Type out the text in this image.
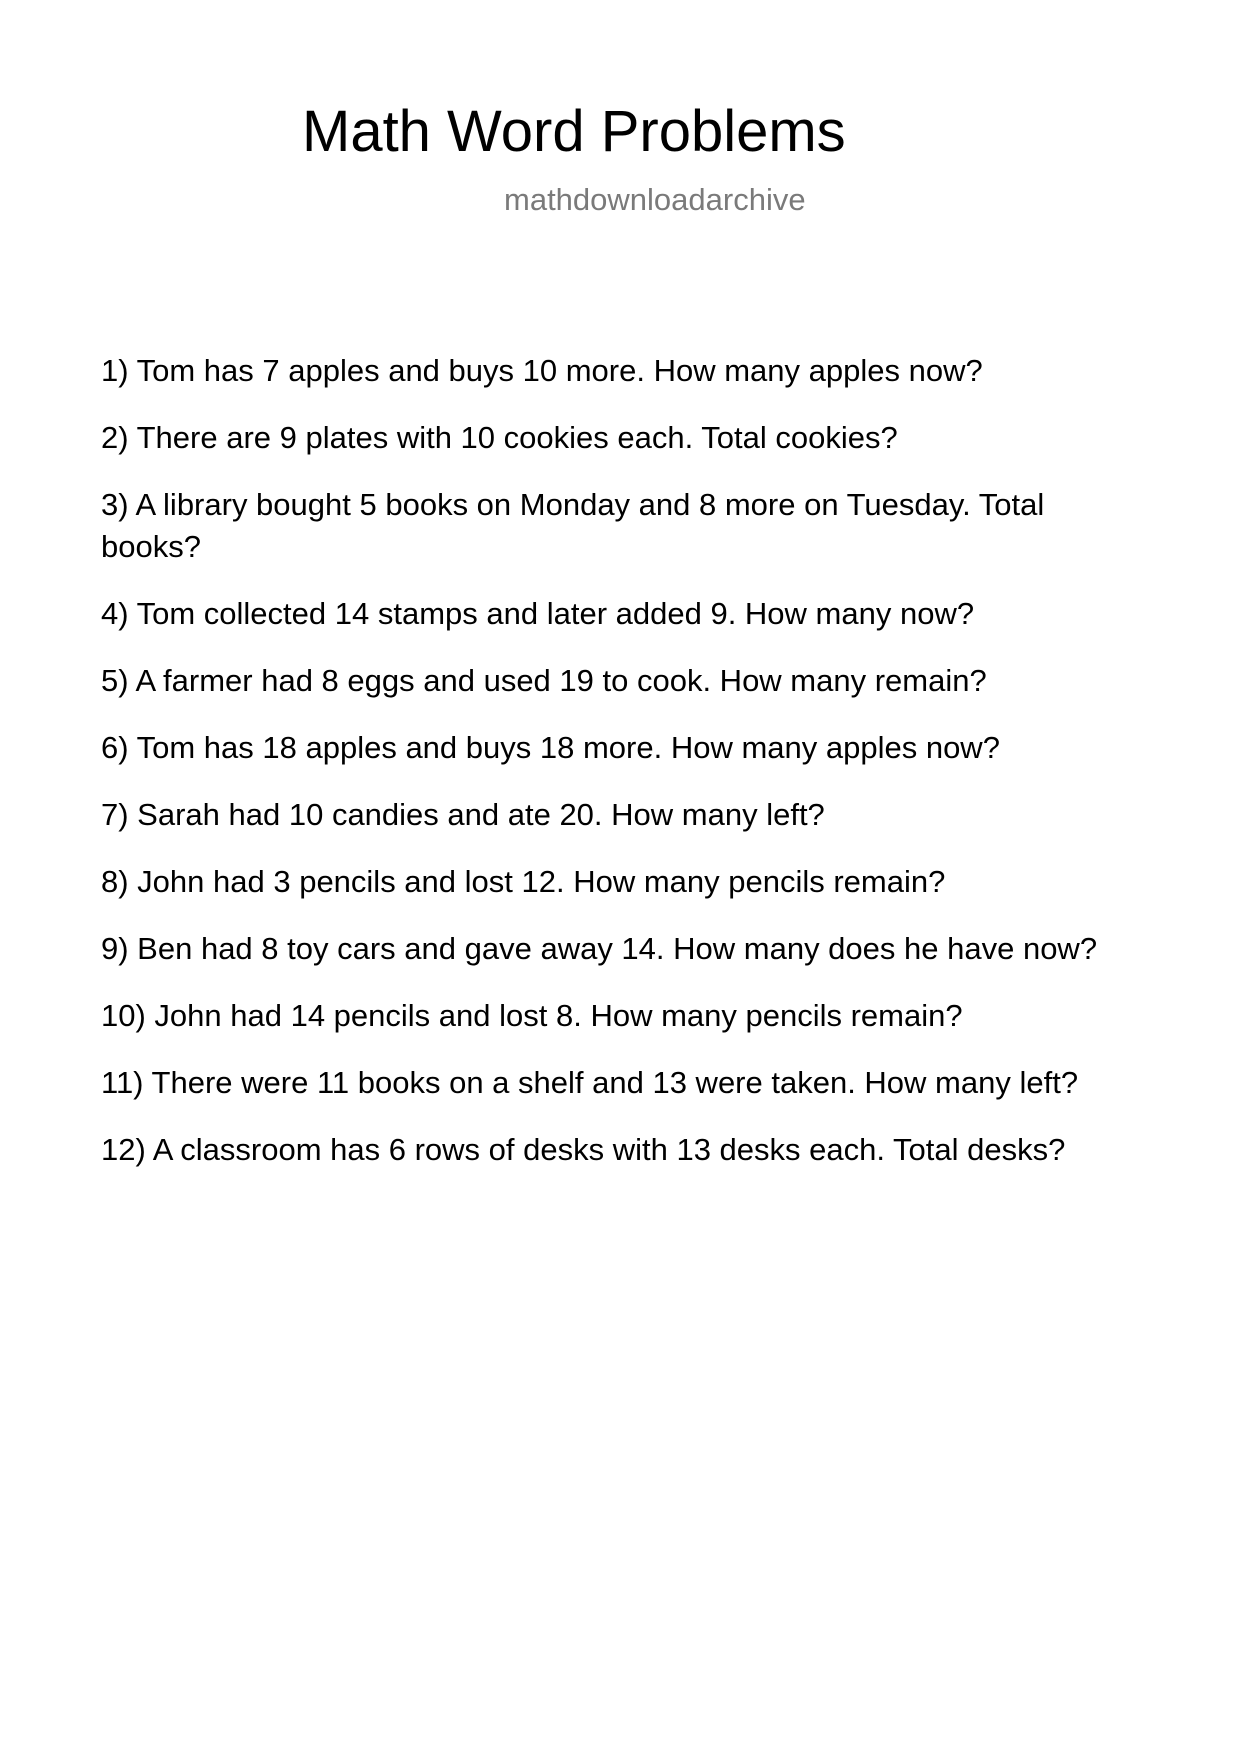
Math Word Problems
mathdownloadarchive
1) Tom has 7 apples and buys 10 more. How many apples now?
2) There are 9 plates with 10 cookies each. Total cookies?
3) A library bought 5 books on Monday and 8 more on Tuesday. Total books?
4) Tom collected 14 stamps and later added 9. How many now?
5) A farmer had 8 eggs and used 19 to cook. How many remain?
6) Tom has 18 apples and buys 18 more. How many apples now?
7) Sarah had 10 candies and ate 20. How many left?
8) John had 3 pencils and lost 12. How many pencils remain?
9) Ben had 8 toy cars and gave away 14. How many does he have now?
10) John had 14 pencils and lost 8. How many pencils remain?
11) There were 11 books on a shelf and 13 were taken. How many left?
12) A classroom has 6 rows of desks with 13 desks each. Total desks?
